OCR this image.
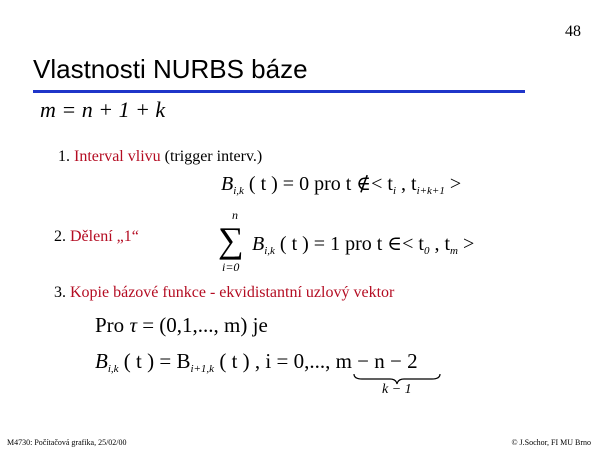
48
Vlastnosti NURBS báze
m = n + 1 + k
1. Interval vlivu (trigger interv.)
$B_{i,k}$ ( t ) = 0 pro t ∉< $t_i$ , $t_{i+k+1}$ >
2. Dělení „1“
n
∑ $B_{i,k}$ ( t ) = 1 pro t ∈< $t_0$ , $t_m$ >
i=0
3. Kopie bázové funkce - ekvidistantní uzlový vektor
Pro τ = (0,1,..., m) je
$B_{i,k}$ ( t ) = $B_{i+1,k}$ ( t ) , i = 0,..., m − n − 2
k − 1
M4730: Počítačová grafika, 25/02/00	© J.Sochor, FI MU Brno
